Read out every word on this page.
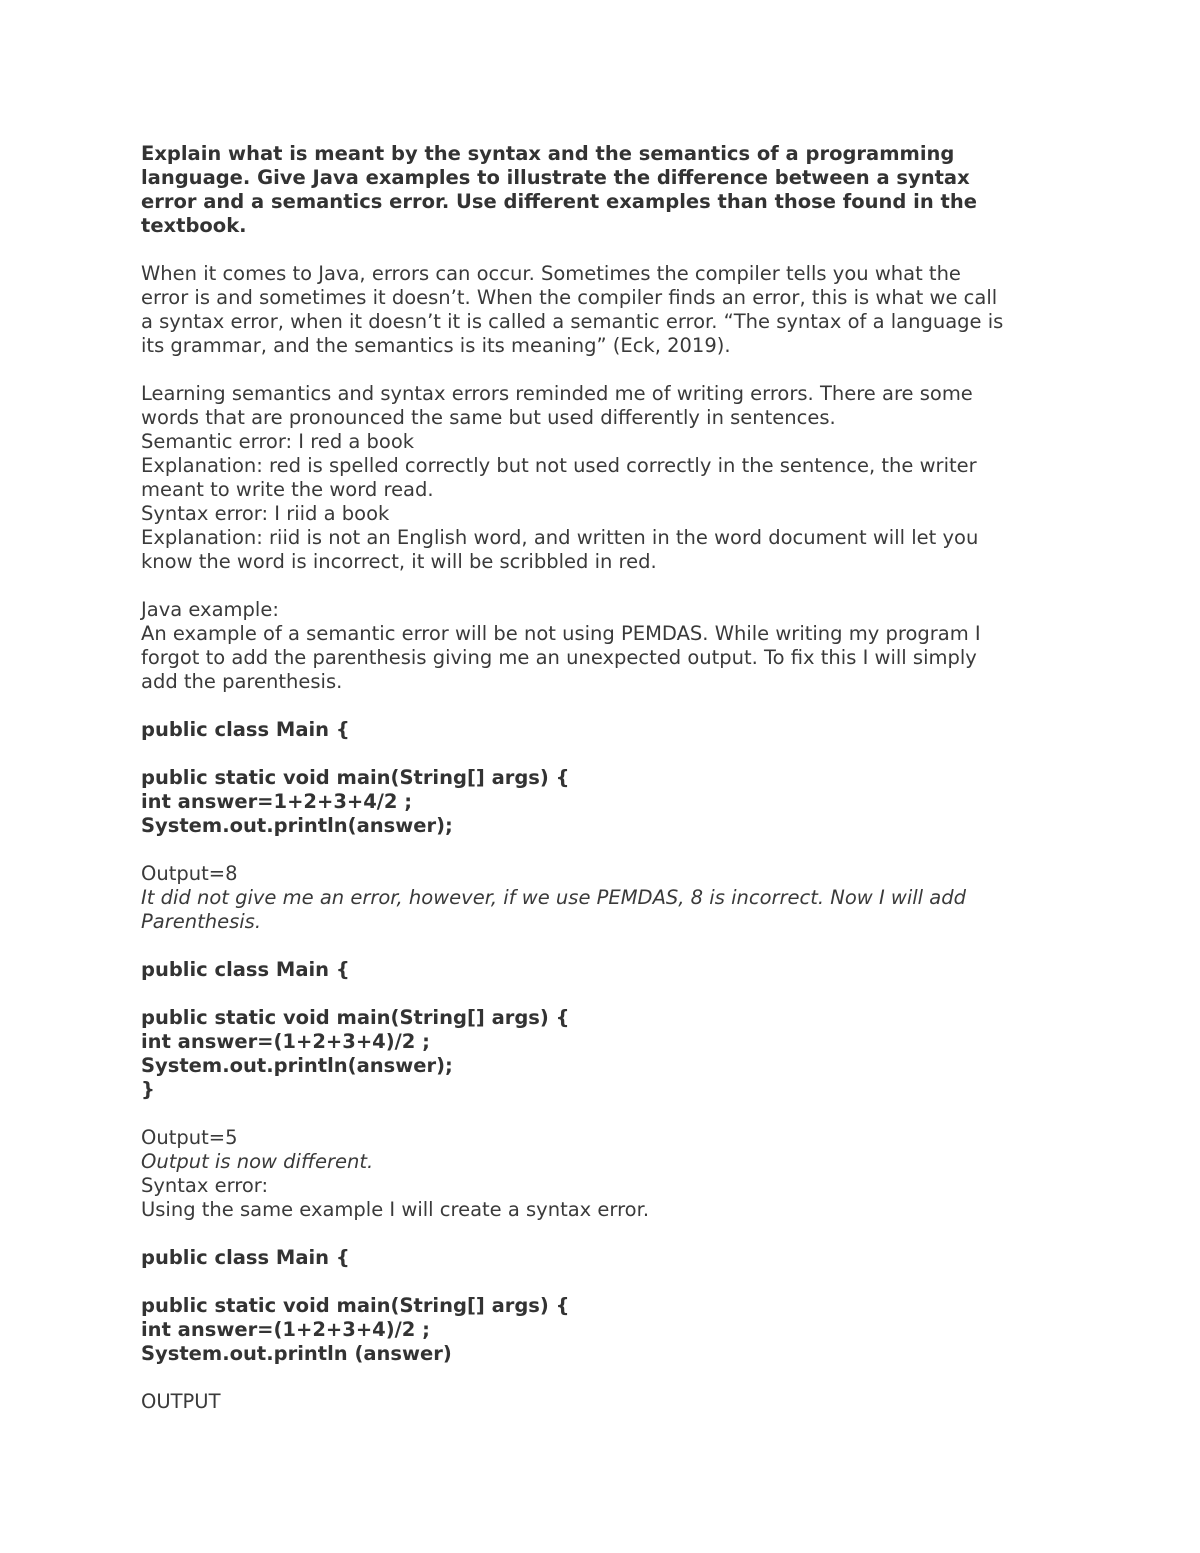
Explain what is meant by the syntax and the semantics of a programming
language. Give Java examples to illustrate the difference between a syntax
error and a semantics error. Use different examples than those found in the
textbook.
When it comes to Java, errors can occur. Sometimes the compiler tells you what the
error is and sometimes it doesn’t. When the compiler finds an error, this is what we call
a syntax error, when it doesn’t it is called a semantic error. “The syntax of a language is
its grammar, and the semantics is its meaning” (Eck, 2019).
Learning semantics and syntax errors reminded me of writing errors. There are some
words that are pronounced the same but used differently in sentences.
Semantic error: I red a book
Explanation: red is spelled correctly but not used correctly in the sentence, the writer
meant to write the word read.
Syntax error: I riid a book
Explanation: riid is not an English word, and written in the word document will let you
know the word is incorrect, it will be scribbled in red.
Java example:
An example of a semantic error will be not using PEMDAS. While writing my program I
forgot to add the parenthesis giving me an unexpected output. To fix this I will simply
add the parenthesis.
public class Main {
public static void main(String[] args) {
int answer=1+2+3+4/2 ;
System.out.println(answer);
Output=8
It did not give me an error, however, if we use PEMDAS, 8 is incorrect. Now I will add
Parenthesis.
public class Main {
public static void main(String[] args) {
int answer=(1+2+3+4)/2 ;
System.out.println(answer);
}
Output=5
Output is now different.
Syntax error:
Using the same example I will create a syntax error.
public class Main {
public static void main(String[] args) {
int answer=(1+2+3+4)/2 ;
System.out.println (answer)
OUTPUT
